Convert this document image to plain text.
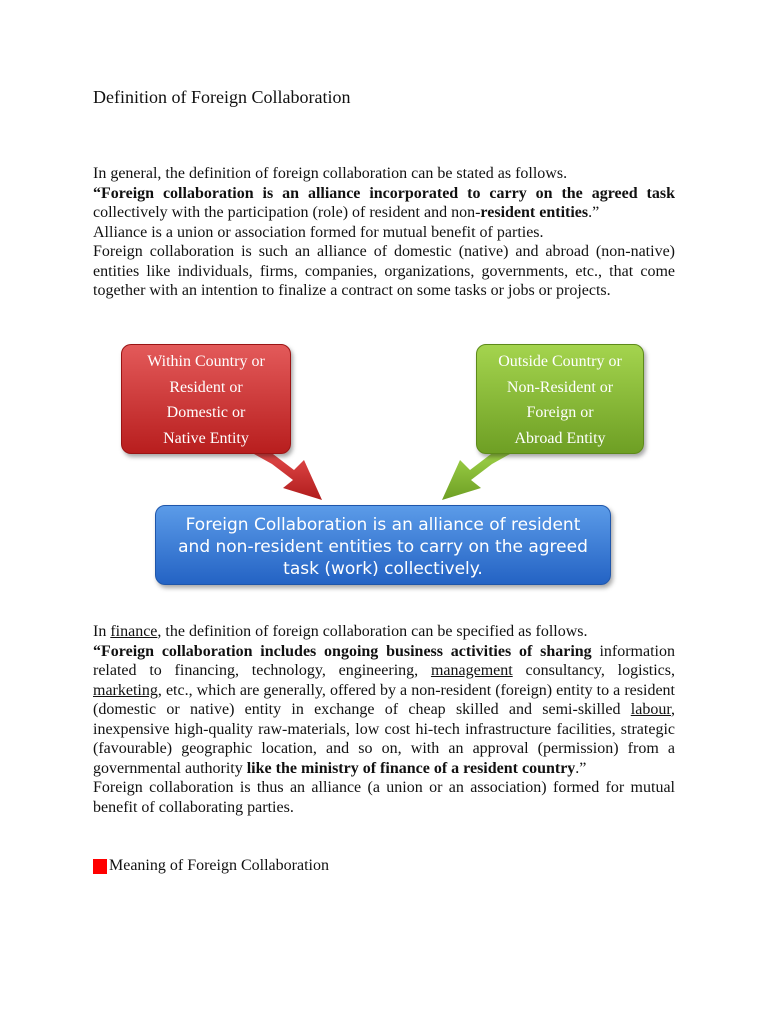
Definition of Foreign Collaboration

In general, the definition of foreign collaboration can be stated as follows.

“Foreign collaboration is an alliance incorporated to carry on the agreed task collectively with the participation (role) of resident and non-resident entities.”

Alliance is a union or association formed for mutual benefit of parties.

Foreign collaboration is such an alliance of domestic (native) and abroad (non-native) entities like individuals, firms, companies, organizations, governments, etc., that come together with an intention to finalize a contract on some tasks or jobs or projects.

Within Country or
Resident or
Domestic or
Native Entity
Outside Country or
Non-Resident or
Foreign or
Abroad Entity
Foreign Collaboration is an alliance of resident
and non-resident entities to carry on the agreed
task (work) collectively.

In finance, the definition of foreign collaboration can be specified as follows.

“Foreign collaboration includes ongoing business activities of sharing information related to financing, technology, engineering, management consultancy, logistics, marketing, etc., which are generally, offered by a non-resident (foreign) entity to a resident (domestic or native) entity in exchange of cheap skilled and semi-skilled labour, inexpensive high-quality raw-materials, low cost hi-tech infrastructure facilities, strategic (favourable) geographic location, and so on, with an approval (permission) from a governmental authority like the ministry of finance of a resident country.”

Foreign collaboration is thus an alliance (a union or an association) formed for mutual benefit of collaborating parties.

Meaning of Foreign Collaboration
